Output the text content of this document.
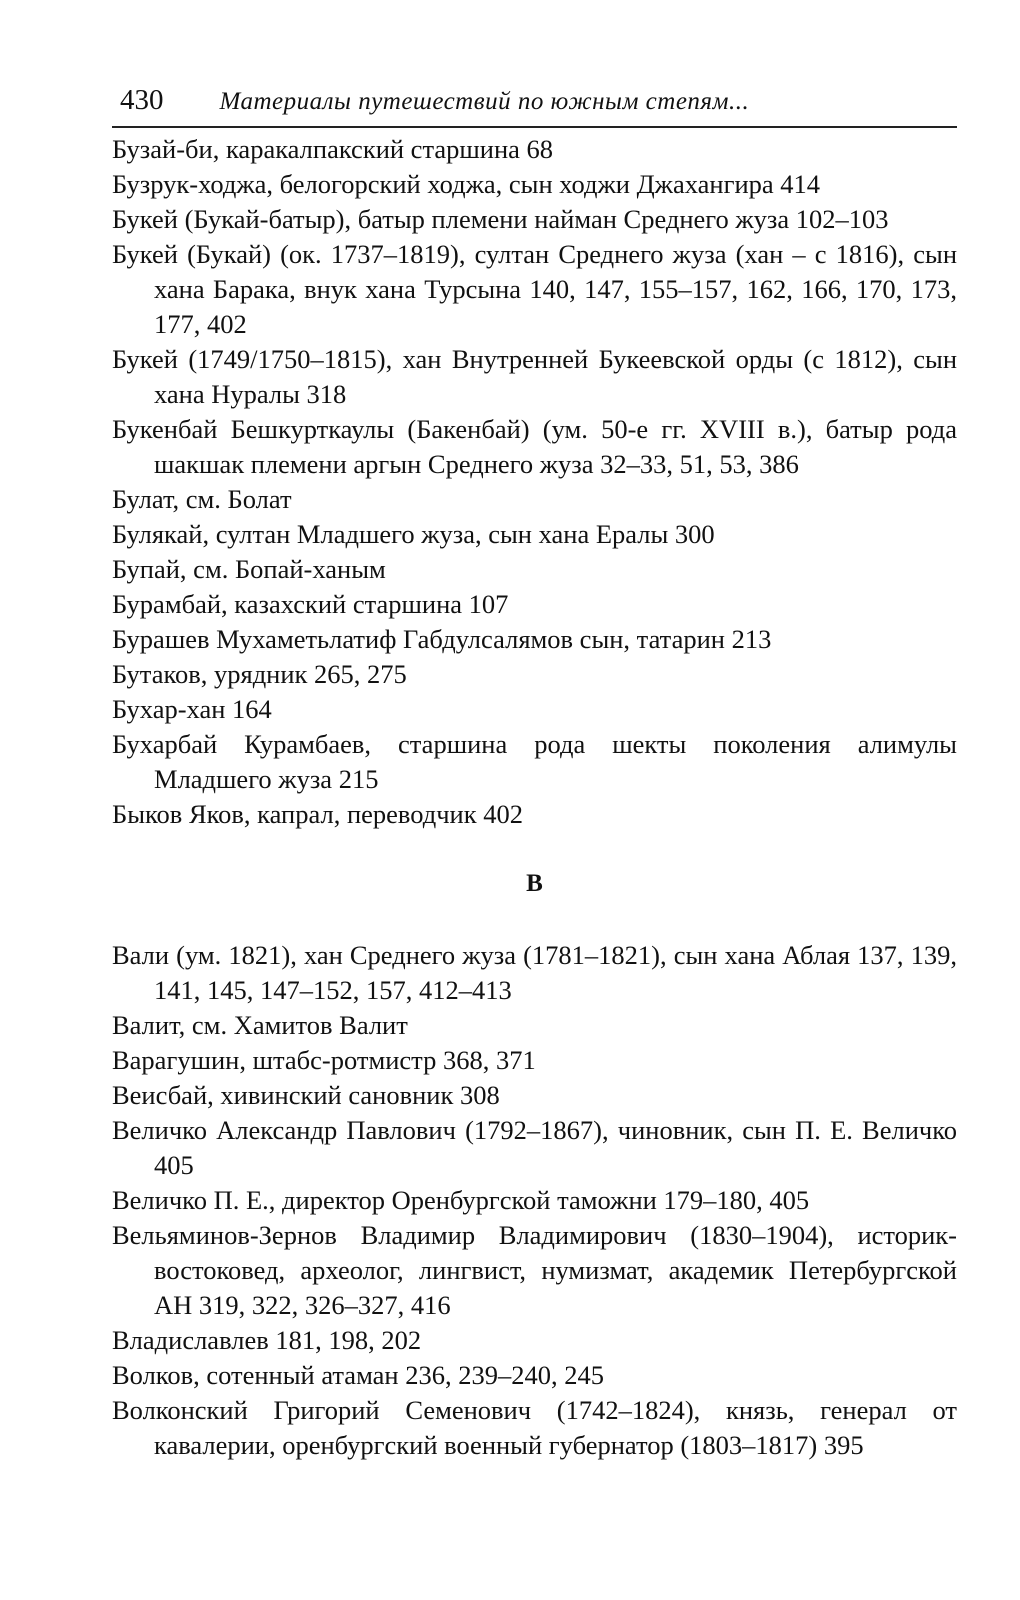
430 Материалы путешествий по южным степям...
Бузай-би, каракалпакский старшина 68
Бузрук-ходжа, белогорский ходжа, сын ходжи Джахангира 414
Букей (Букай-батыр), батыр племени найман Среднего жуза 102–103
Букей (Букай) (ок. 1737–1819), султан Среднего жуза (хан – с 1816), сын хана Барака, внук хана Турсына 140, 147, 155–157, 162, 166, 170, 173, 177, 402
Букей (1749/1750–1815), хан Внутренней Букеевской орды (с 1812), сын хана Нуралы 318
Букенбай Бешкурткаулы (Бакенбай) (ум. 50-е гг. XVIII в.), батыр рода шакшак племени аргын Среднего жуза 32–33, 51, 53, 386
Булат, см. Болат
Булякай, султан Младшего жуза, сын хана Ералы 300
Бупай, см. Бопай-ханым
Бурамбай, казахский старшина 107
Бурашев Мухаметьлатиф Габдулсалямов сын, татарин 213
Бутаков, урядник 265, 275
Бухар-хан 164
Бухарбай Курамбаев, старшина рода шекты поколения алимулы Младшего жуза 215
Быков Яков, капрал, переводчик 402
В
Вали (ум. 1821), хан Среднего жуза (1781–1821), сын хана Аблая 137, 139, 141, 145, 147–152, 157, 412–413
Валит, см. Хамитов Валит
Варагушин, штабс-ротмистр 368, 371
Веисбай, хивинский сановник 308
Величко Александр Павлович (1792–1867), чиновник, сын П. Е. Величко 405
Величко П. Е., директор Оренбургской таможни 179–180, 405
Вельяминов-Зернов Владимир Владимирович (1830–1904), историк-востоковед, археолог, лингвист, нумизмат, академик Петербургской АН 319, 322, 326–327, 416
Владиславлев 181, 198, 202
Волков, сотенный атаман 236, 239–240, 245
Волконский Григорий Семенович (1742–1824), князь, генерал от кавалерии, оренбургский военный губернатор (1803–1817) 395
